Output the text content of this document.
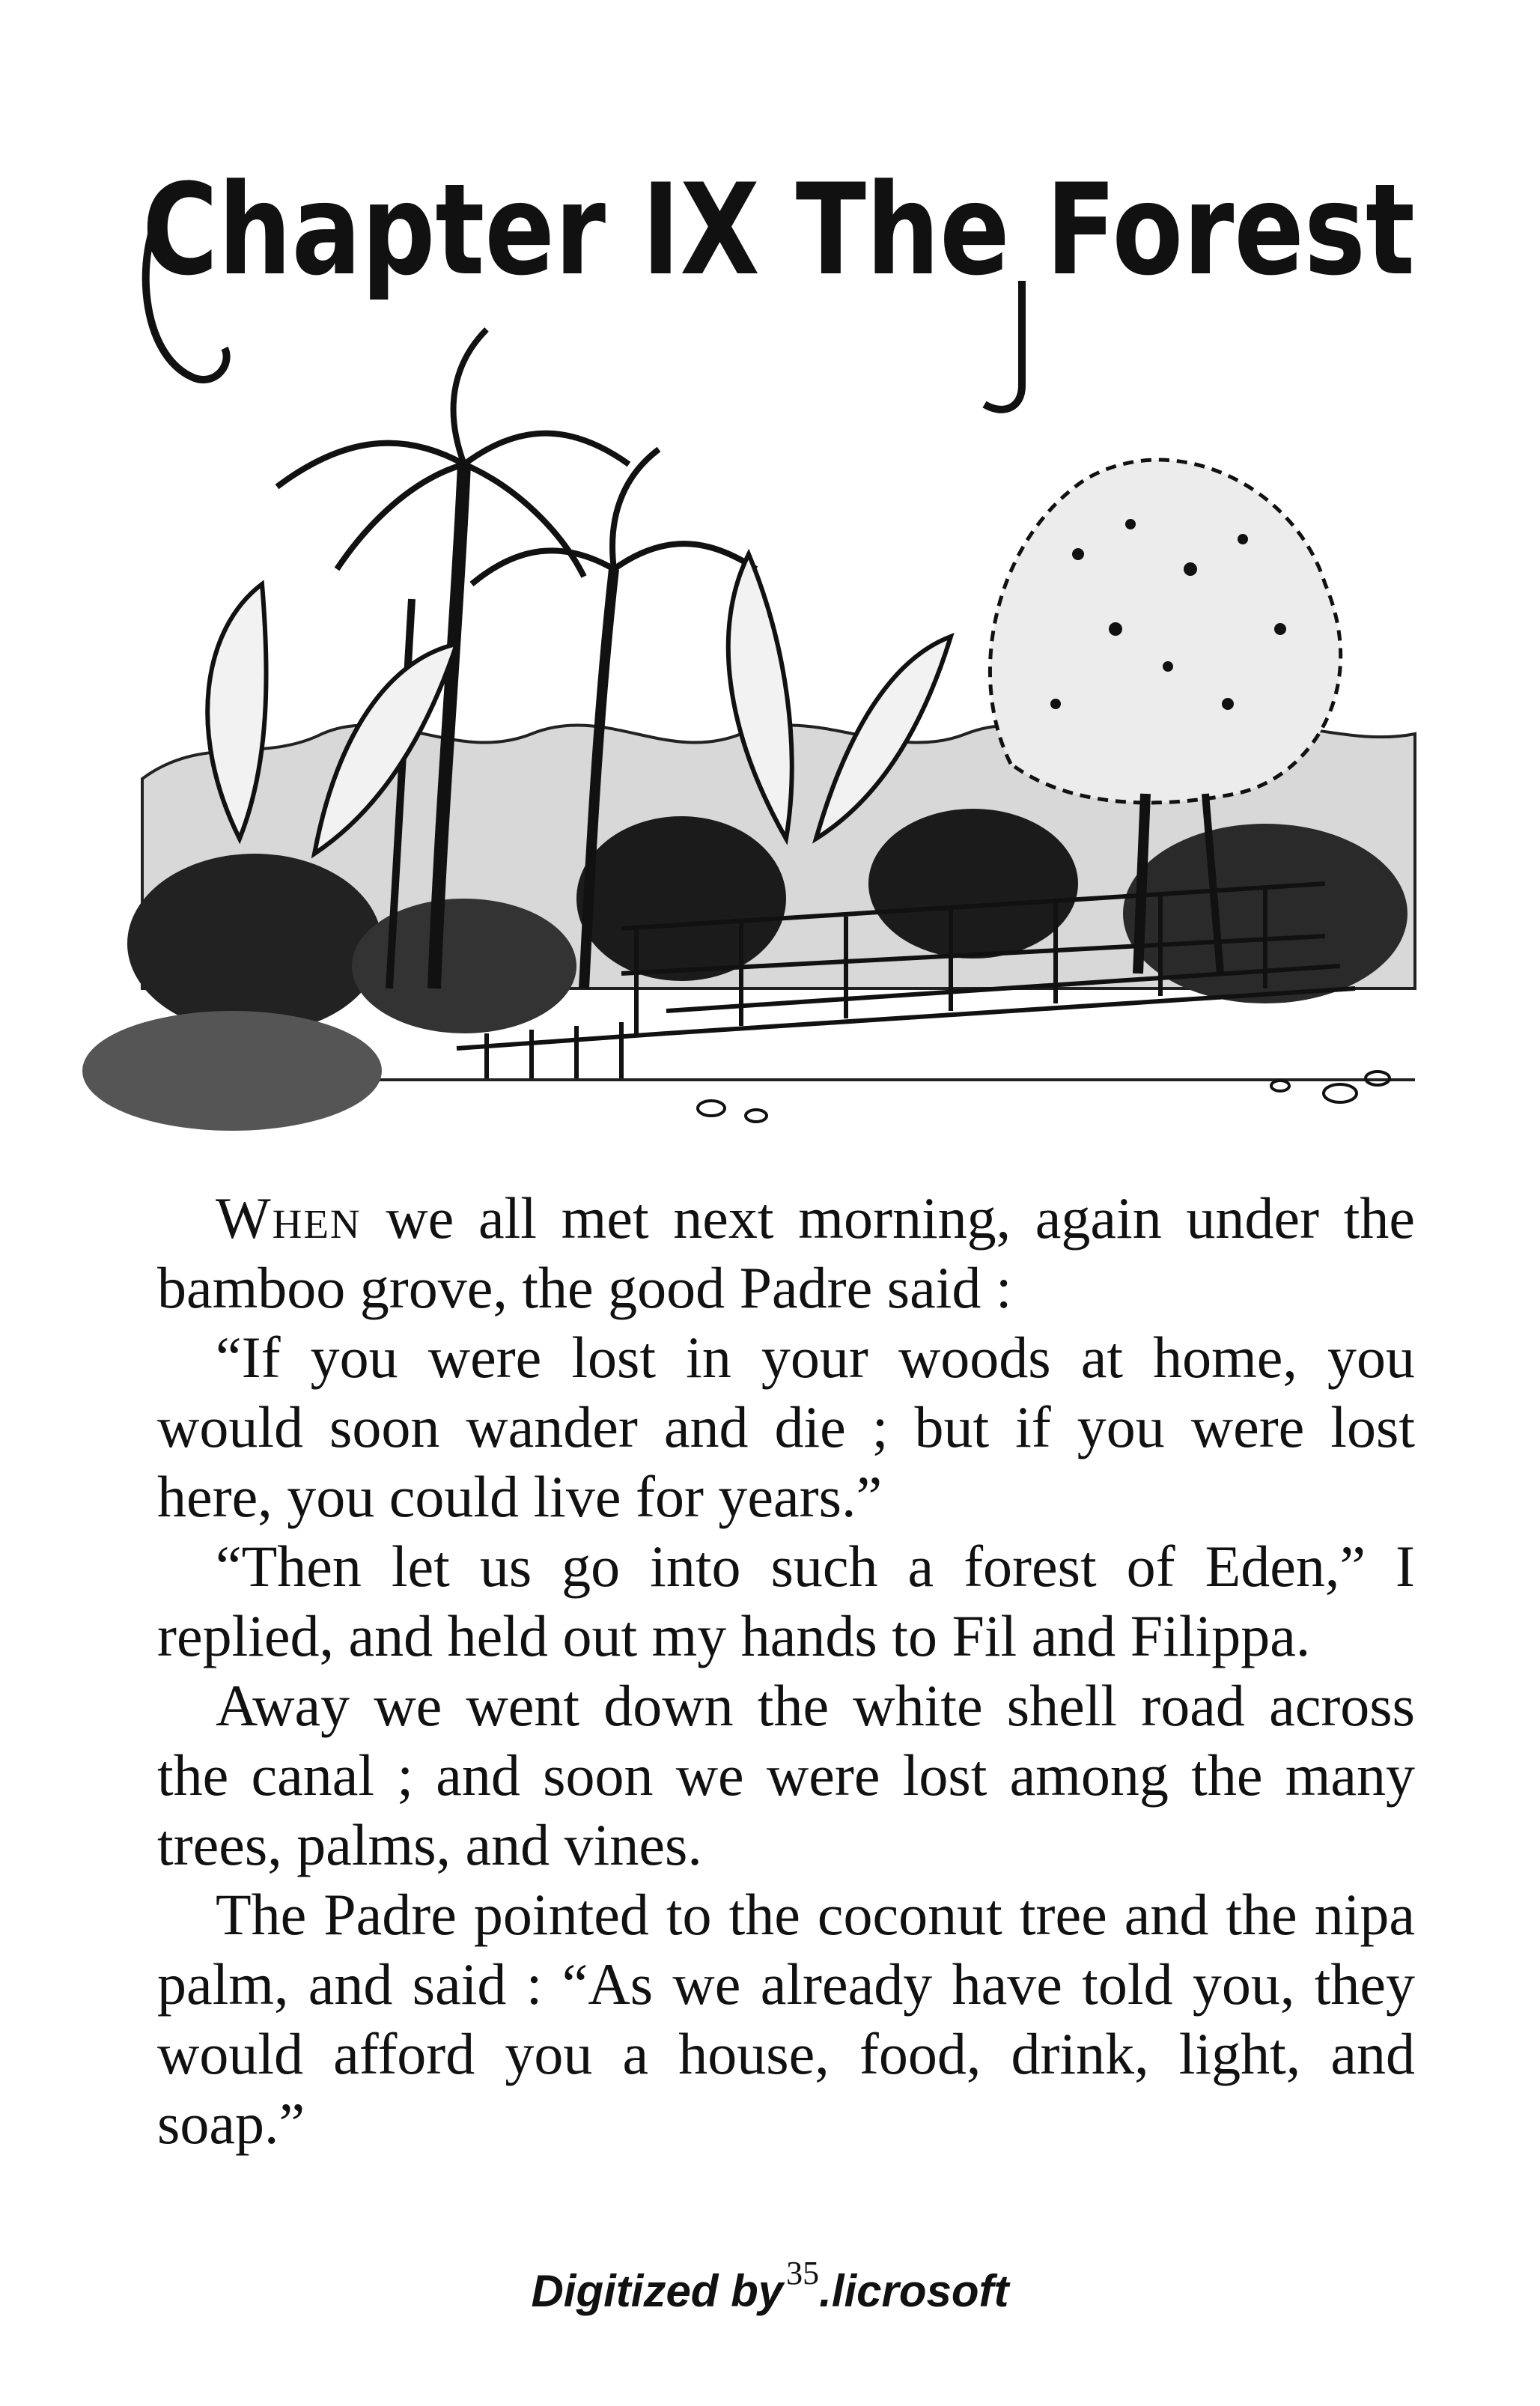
Chapter IX The Forest

When we all met next morning, again under the bamboo grove, the good Padre said :

“If you were lost in your woods at home, you would soon wander and die ; but if you were lost here, you could live for years.”

“Then let us go into such a forest of Eden,” I replied, and held out my hands to Fil and Filippa.

Away we went down the white shell road across the canal ; and soon we were lost among the many trees, palms, and vines.

The Padre pointed to the coconut tree and the nipa palm, and said : “As we already have told you, they would afford you a house, food, drink, light, and soap.”

Digitized $by^{35}.licrosoft$
